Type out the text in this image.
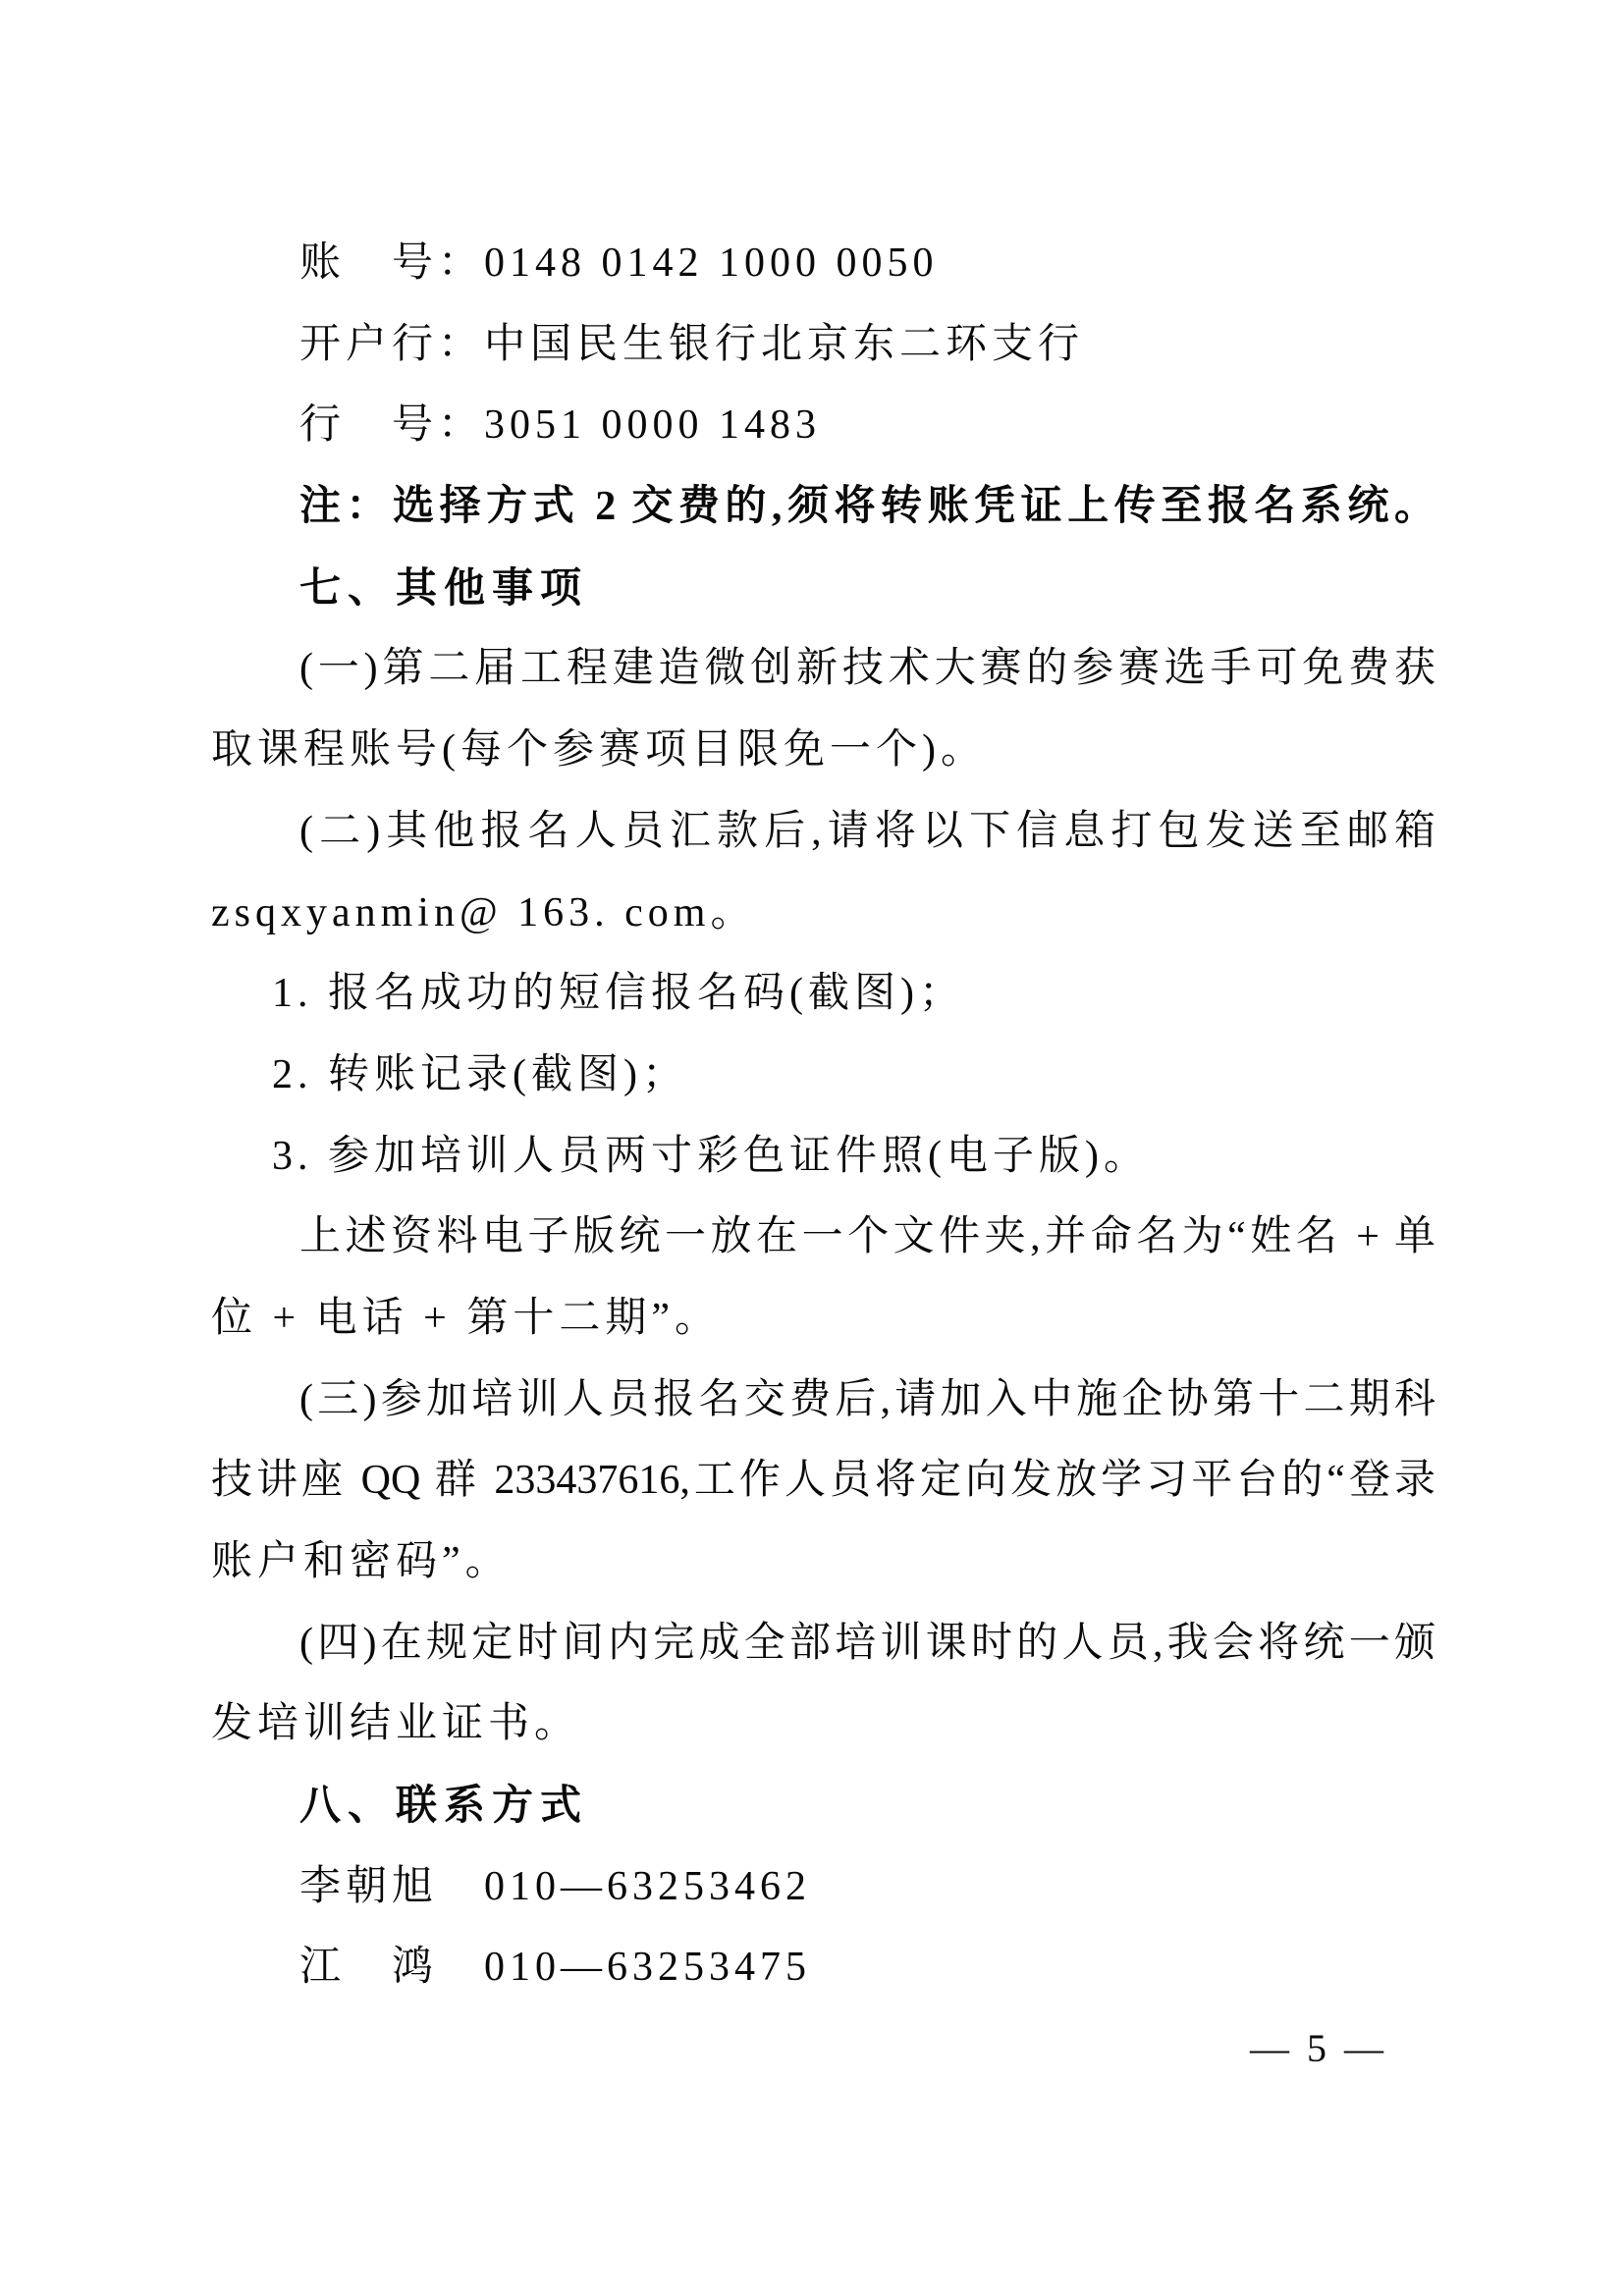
账　号：0148 0142 1000 0050

开户行：中国民生银行北京东二环支行

行　号：3051 0000 1483

注：选择方式 2 交费的,须将转账凭证上传至报名系统。

七、其他事项

(一)第二届工程建造微创新技术大赛的参赛选手可免费获

取课程账号(每个参赛项目限免一个)。

(二)其他报名人员汇款后,请将以下信息打包发送至邮箱

zsqxyanmin@ 163. com。

1. 报名成功的短信报名码(截图)；

2. 转账记录(截图)；

3. 参加培训人员两寸彩色证件照(电子版)。

上述资料电子版统一放在一个文件夹,并命名为“姓名 + 单

位 + 电话 + 第十二期”。

(三)参加培训人员报名交费后,请加入中施企协第十二期科

技讲座 QQ 群 233437616,工作人员将定向发放学习平台的“登录

账户和密码”。

(四)在规定时间内完成全部培训课时的人员,我会将统一颁

发培训结业证书。

八、联系方式

李朝旭　010—63253462

江　鸿　010—63253475

— 5 —
